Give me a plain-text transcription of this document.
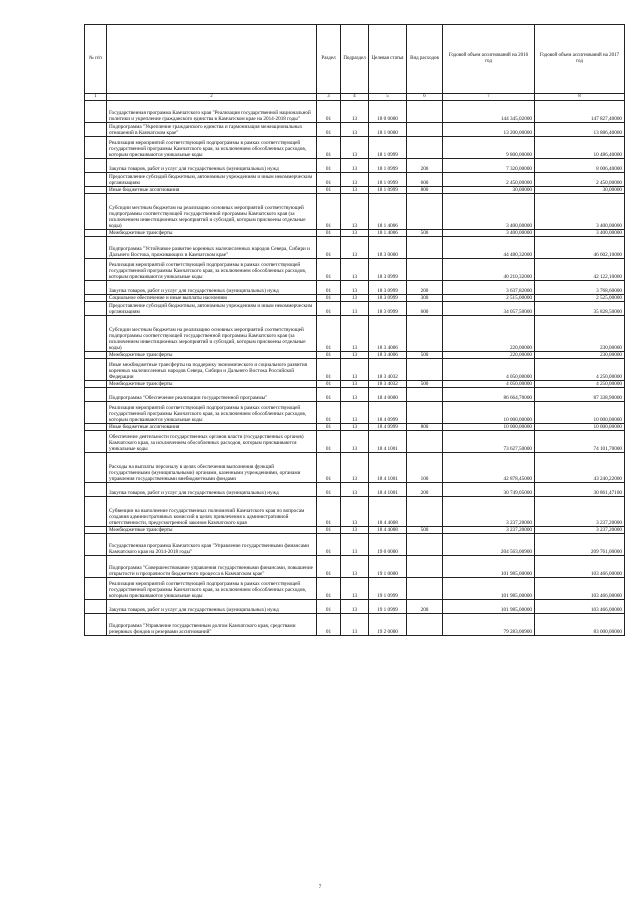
№ п/п		Раздел	Подраздел	Целевая статья	Вид расходов	Годовой объем ассигнований на 2016 год	Годовой объем ассигнований на 2017 год
1	2	3	4	5	6	7	8
	Государственная программа Камчатского края "Реализация государственной национальной политики и укрепление гражданского единства в Камчатском крае на 2014-2018 годы"	01	13	18 0 0000		144 345,02000	147 827,40000
	Подпрограмма "Укрепление гражданского единства и гармонизация межнациональных отношений в Камчатском крае"	01	13	18 1 0000		13 200,00000	13 886,40000
	Реализация мероприятий соответствующей подпрограммы в рамках соответствующей государственной программы Камчатского края, за исключением обособленных расходов, которым присваиваются уникальные коды	01	13	18 1 0999		9 800,00000	10 486,40000
	Закупка товаров, работ и услуг для государственных (муниципальных) нужд	01	13	18 1 0999	200	7 320,00000	8 006,40000
	Предоставление субсидий бюджетным, автономным учреждениям и иным некоммерческим организациям	01	13	18 1 0999	600	2 450,00000	2 450,00000
	Иные бюджетные ассигнования	01	13	18 1 0999	800	30,00000	30,00000
	Субсидии местным бюджетам на реализацию основных мероприятий соответствующей подпрограммы соответствующей государственной программы Камчатского края (за исключением инвестиционных мероприятий и субсидий, которым присвоены отдельные коды)	01	13	18 1 4006		3 400,00000	3 400,00000
	Межбюджетные трансферты	01	13	18 1 4006	500	3 400,00000	3 400,00000
	Подпрограмма "Устойчивое развитие коренных малочисленных народов Севера, Сибири и Дальнего Востока, проживающих в Камчатском крае"	01	13	18 3 0000		44 480,32000	46 602,10000
	Реализация мероприятий соответствующей подпрограммы в рамках соответствующей государственной программы Камчатского края, за исключением обособленных расходов, которым присваиваются уникальные коды	01	13	18 3 0999		40 210,32000	42 122,10000
	Закупка товаров, работ и услуг для государственных (муниципальных) нужд	01	13	18 3 0999	200	3 637,82000	3 768,60000
	Социальное обеспечение и иные выплаты населению	01	13	18 3 0999	300	2 515,00000	2 525,00000
	Предоставление субсидий бюджетным, автономным учреждениям и иным некоммерческим организациям	01	13	18 3 0999	600	34 057,50000	35 828,50000
	Субсидии местным бюджетам на реализацию основных мероприятий соответствующей подпрограммы соответствующей государственной программы Камчатского края (за исключением инвестиционных мероприятий и субсидий, которым присвоены отдельные коды)	01	13	18 3 4006		220,00000	230,00000
	Межбюджетные трансферты	01	13	18 3 4006	500	220,00000	230,00000
	Иные межбюджетные трансферты на поддержку экономического и социального развития коренных малочисленных народов Севера, Сибири и Дальнего Востока Российской Федерации	01	13	18 3 4032		4 050,00000	4 250,00000
	Межбюджетные трансферты	01	13	18 3 4032	500	4 050,00000	4 250,00000
	Подпрограмма "Обеспечение реализации государственной программы"	01	13	18 4 0000		86 664,70000	87 338,90000
	Реализация мероприятий соответствующей подпрограммы в рамках соответствующей государственной программы Камчатского края, за исключением обособленных расходов, которым присваиваются уникальные коды	01	13	18 4 0999		10 000,00000	10 000,00000
	Иные бюджетные ассигнования	01	13	18 4 0999	800	10 000,00000	10 000,00000
	Обеспечение деятельности государственных органов власти (государственных органов) Камчатского края, за исключением обособленных расходов, которым присваиваются уникальные коды	01	13	18 4 1001		73 627,50000	74 101,70000
	Расходы на выплаты персоналу в целях обеспечения выполнения функций государственными (муниципальными) органами, казенными учреждениями, органами управления государственными внебюджетными фондами	01	13	18 4 1001	100	42 878,45000	43 240,22000
	Закупка товаров, работ и услуг для государственных (муниципальных) нужд	01	13	18 4 1001	200	30 749,05000	30 861,47100
	Субвенции на выполнение государственных полномочий Камчатского края по вопросам создания административных комиссий в целях привлечения к административной ответственности, предусмотренной законом Камчатского края	01	13	18 4 4008		3 237,20000	3 237,20000
	Межбюджетные трансферты	01	13	18 4 4008	500	3 237,20000	3 237,20000
	Государственная программа Камчатского края "Управление государственными финансами Камчатского края на 2014-2018 годы"	01	13	19 0 0000		204 563,00900	209 761,00000
	Подпрограмма "Совершенствование управления государственными финансами, повышение открытости и прозрачности бюджетного процесса в Камчатском крае"	01	13	19 1 0000		101 985,00000	103 466,00000
	Реализация мероприятий соответствующей подпрограммы в рамках соответствующей государственной программы Камчатского края, за исключением обособленных расходов, которым присваиваются уникальные коды	01	13	19 1 0999		101 985,00000	103 466,00000
	Закупка товаров, работ и услуг для государственных (муниципальных) нужд	01	13	19 1 0999	200	101 985,00000	103 466,00000
	Подпрограмма "Управление государственным долгом Камчатского края, средствами резервных фондов и резервами ассигнований"	01	13	19 2 0000		79 283,00900	83 000,00000
7
